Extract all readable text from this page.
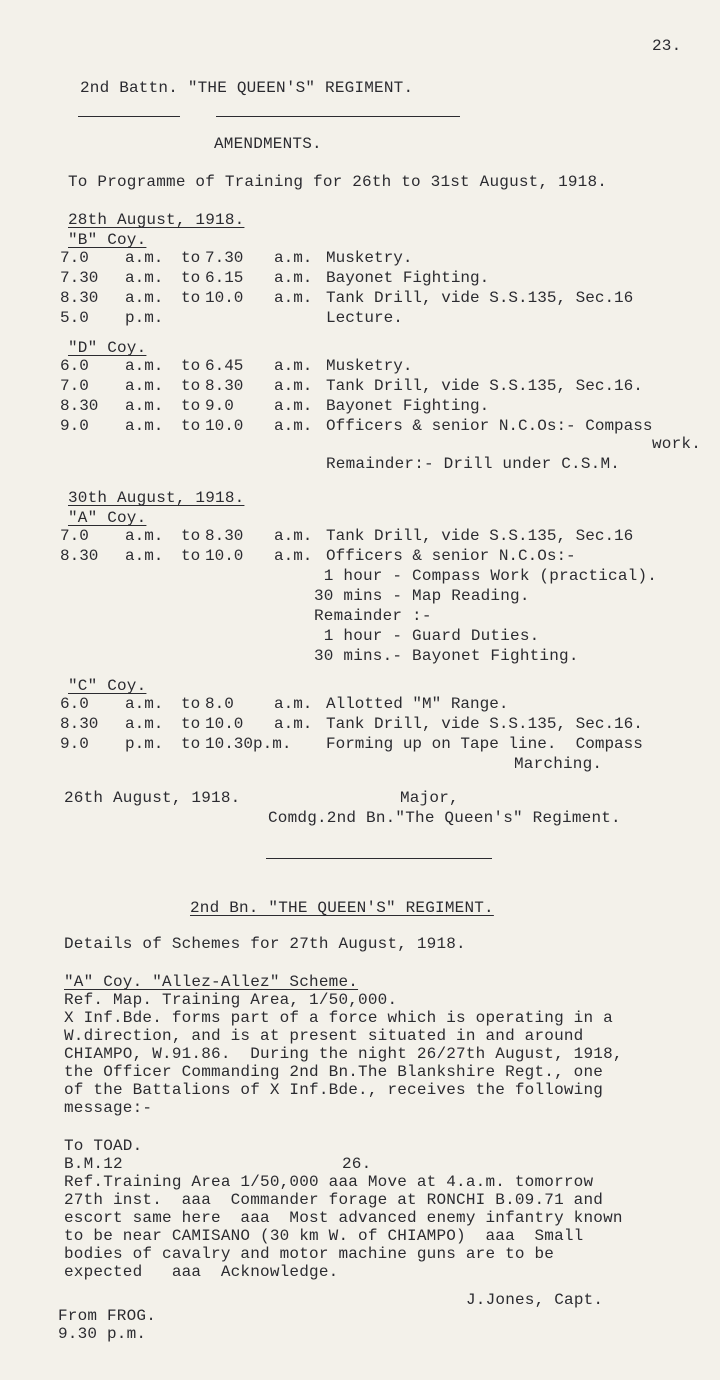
23.
2nd Battn. "THE QUEEN'S" REGIMENT.
AMENDMENTS.
To Programme of Training for 26th to 31st August, 1918.
28th August, 1918.
"B" Coy.
7.0 a.m. to 7.30 a.m. Musketry.
7.30 a.m. to 6.15 a.m. Bayonet Fighting.
8.30 a.m. to 10.0 a.m. Tank Drill, vide S.S.135, Sec.16
5.0 p.m.	Lecture.
"D" Coy.
6.0 a.m. to 6.45 a.m. Musketry.
7.0 a.m. to 8.30 a.m. Tank Drill, vide S.S.135, Sec.16.
8.30 a.m. to 9.0	a.m. Bayonet Fighting.
9.0 a.m. to 10.0 a.m. Officers & senior N.C.Os:- Compass
work.
Remainder:- Drill under C.S.M.
30th August, 1918.
"A" Coy.
7.0 a.m. to 8.30 a.m. Tank Drill, vide S.S.135, Sec.16
8.30 a.m. to 10.0 a.m. Officers & senior N.C.Os:-
1 hour - Compass Work (practical).
30 mins - Map Reading.
Remainder :-
1 hour - Guard Duties.
30 mins.- Bayonet Fighting.
"C" Coy.
6.0 a.m. to 8.0	a.m. Allotted "M" Range.
8.30 a.m. to 10.0 a.m. Tank Drill, vide S.S.135, Sec.16.
9.0 p.m. to 10.30p.m. Forming up on Tape line.  Compass
Marching.
26th August, 1918.	Major,
Comdg.2nd Bn."The Queen's" Regiment.
2nd Bn. "THE QUEEN'S" REGIMENT.
Details of Schemes for 27th August, 1918.
"A" Coy. "Allez-Allez" Scheme.
Ref. Map. Training Area, 1/50,000.
X Inf.Bde. forms part of a force which is operating in a
W.direction, and is at present situated in and around
CHIAMPO, W.91.86.  During the night 26/27th August, 1918,
the Officer Commanding 2nd Bn.The Blankshire Regt., one
of the Battalions of X Inf.Bde., receives the following
message:-
To TOAD.
B.M.12	26.
Ref.Training Area 1/50,000 aaa Move at 4.a.m. tomorrow
27th inst.  aaa  Commander forage at RONCHI B.09.71 and
escort same here  aaa  Most advanced enemy infantry known
to be near CAMISANO (30 km W. of CHIAMPO)  aaa  Small
bodies of cavalry and motor machine guns are to be
expected   aaa  Acknowledge.
J.Jones, Capt.
From FROG.
9.30 p.m.
